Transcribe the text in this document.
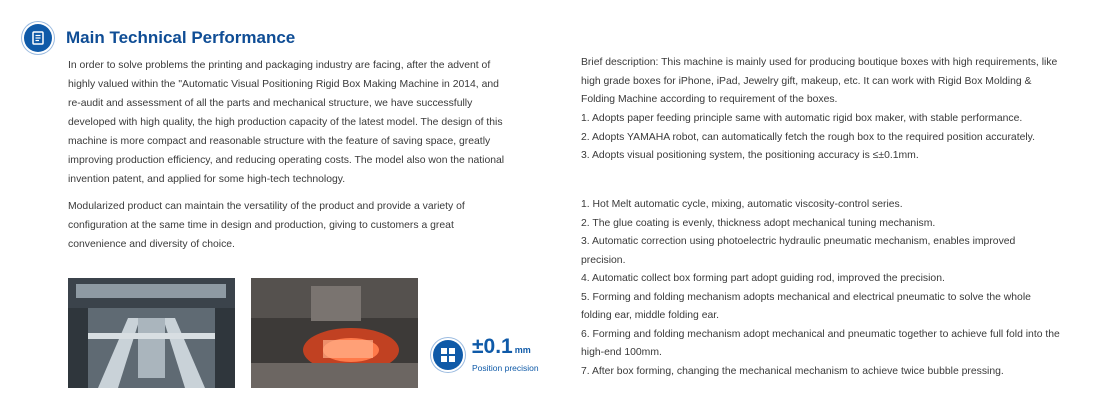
Main Technical Performance

In order to solve problems the printing and packaging industry are facing, after the advent of highly valued within the "Automatic Visual Positioning Rigid Box Making Machine in 2014, and re-audit and assessment of all the parts and mechanical structure, we have successfully developed with high quality, the high production capacity of the latest model. The design of this machine is more compact and reasonable structure with the feature of saving space, greatly improving production efficiency, and reducing operating costs. The model also won the national invention patent, and applied for some high-tech technology.

Modularized product can maintain the versatility of the product and provide a variety of configuration at the same time in design and production, giving to customers a great convenience and diversity of choice.

±0.1 mm
Position precision

Brief description: This machine is mainly used for producing boutique boxes with high requirements, like high grade boxes for iPhone, iPad, Jewelry gift, makeup, etc. It can work with Rigid Box Molding & Folding Machine according to requirement of the boxes.

1. Adopts paper feeding principle same with automatic rigid box maker, with stable performance.
2. Adopts YAMAHA robot, can automatically fetch the rough box to the required position accurately.
3. Adopts visual positioning system, the positioning accuracy is ≤±0.1mm.
1. Hot Melt automatic cycle, mixing, automatic viscosity-control series.
2. The glue coating is evenly, thickness adopt mechanical tuning mechanism.
3. Automatic correction using photoelectric hydraulic pneumatic mechanism, enables improved precision.
4. Automatic collect box forming part adopt guiding rod, improved the precision.
5. Forming and folding mechanism adopts mechanical and electrical pneumatic to solve the whole folding ear, middle folding ear.
6. Forming and folding mechanism adopt mechanical and pneumatic together to achieve full fold into the high-end 100mm.
7. After box forming, changing the mechanical mechanism to achieve twice bubble pressing.
